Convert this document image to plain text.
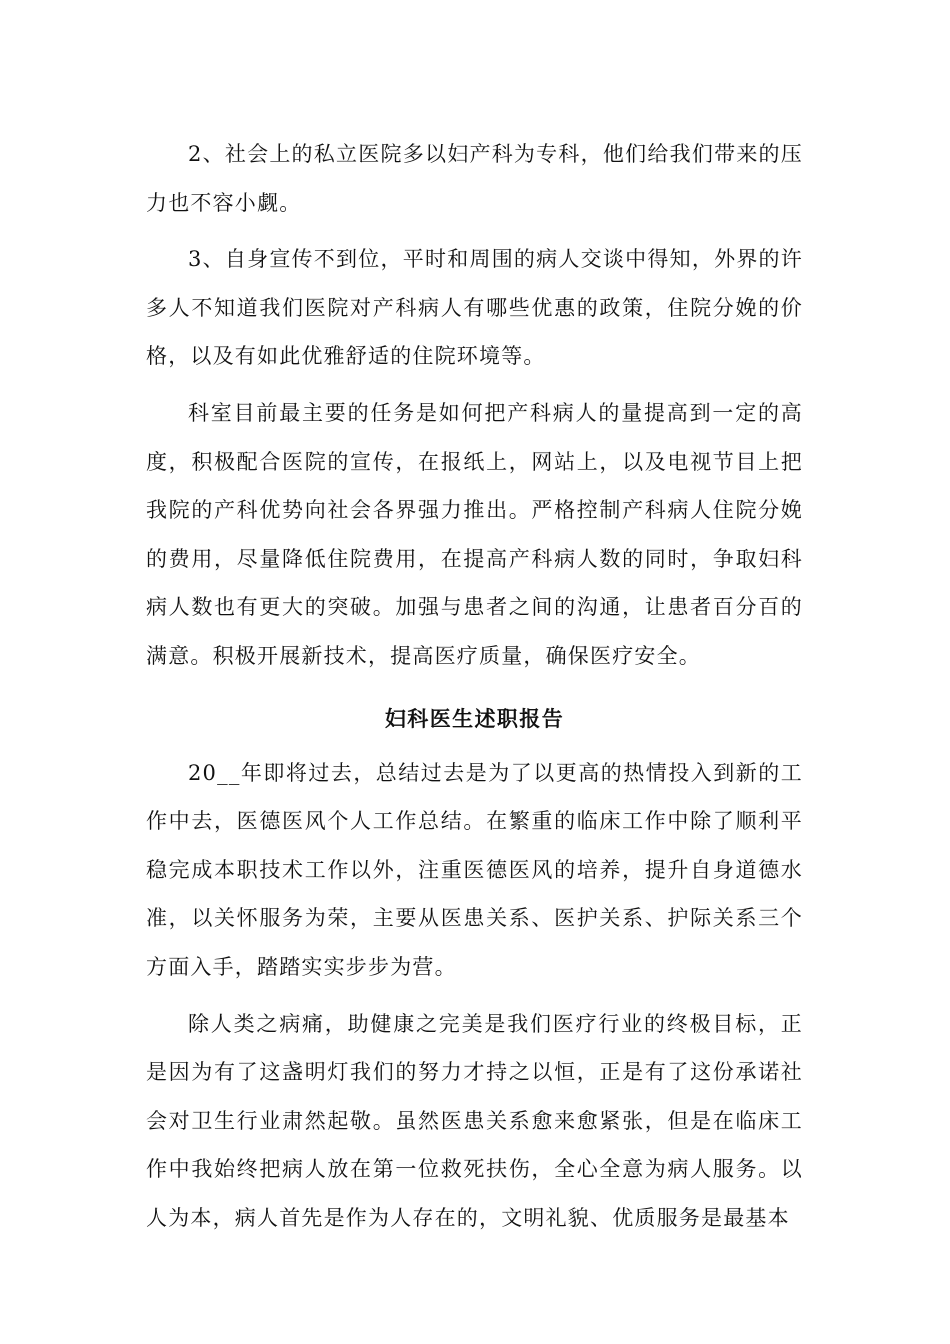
2、社会上的私立医院多以妇产科为专科，他们给我们带来的压力也不容小觑。

3、自身宣传不到位，平时和周围的病人交谈中得知，外界的许多人不知道我们医院对产科病人有哪些优惠的政策，住院分娩的价格，以及有如此优雅舒适的住院环境等。

科室目前最主要的任务是如何把产科病人的量提高到一定的高度，积极配合医院的宣传，在报纸上，网站上，以及电视节目上把我院的产科优势向社会各界强力推出。严格控制产科病人住院分娩的费用，尽量降低住院费用，在提高产科病人数的同时，争取妇科病人数也有更大的突破。加强与患者之间的沟通，让患者百分百的满意。积极开展新技术，提高医疗质量，确保医疗安全。

妇科医生述职报告

20__年即将过去，总结过去是为了以更高的热情投入到新的工作中去，医德医风个人工作总结。在繁重的临床工作中除了顺利平稳完成本职技术工作以外，注重医德医风的培养，提升自身道德水准，以关怀服务为荣，主要从医患关系、医护关系、护际关系三个方面入手，踏踏实实步步为营。

除人类之病痛，助健康之完美是我们医疗行业的终极目标，正是因为有了这盏明灯我们的努力才持之以恒，正是有了这份承诺社会对卫生行业肃然起敬。虽然医患关系愈来愈紧张，但是在临床工作中我始终把病人放在第一位救死扶伤，全心全意为病人服务。以人为本，病人首先是作为人存在的，文明礼貌、优质服务是最基本
